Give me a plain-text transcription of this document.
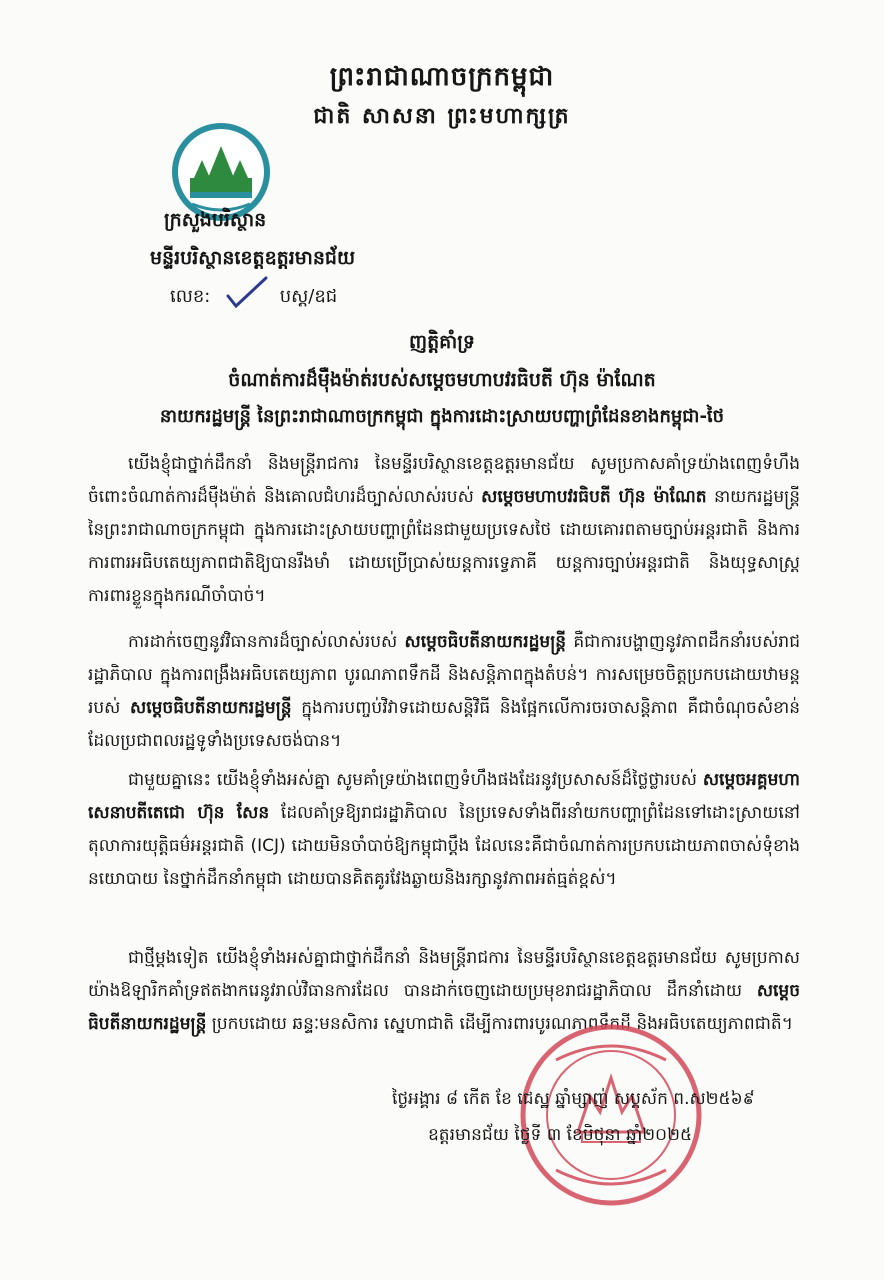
ព្រះរាជាណាចក្រកម្ពុជា
ជាតិ សាសនា ព្រះមហាក្សត្រ
ក្រសួងបរិស្ថាន
មន្ទីរបរិស្ថានខេត្តឧត្តរមានជ័យ
លេខ:	បស្ត/ឧជ
ញត្តិគាំទ្រ
ចំណាត់ការដ៏ម៉ឺងម៉ាត់របស់សម្ដេចមហាបវរធិបតី ហ៊ុន ម៉ាណែត
នាយករដ្ឋមន្ត្រី នៃព្រះរាជាណាចក្រកម្ពុជា ក្នុងការដោះស្រាយបញ្ហាព្រំដែនខាងកម្ពុជា-ថៃ

យើងខ្ញុំជាថ្នាក់ដឹកនាំ និងមន្ត្រីរាជការ នៃមន្ទីរបរិស្ថានខេត្តឧត្តរមានជ័យ សូមប្រកាសគាំទ្រយ៉ាងពេញទំហឹងចំពោះចំណាត់ការដ៏ម៉ឺងម៉ាត់ និងគោលជំហរដ៏ច្បាស់លាស់របស់ សម្ដេចមហាបវរធិបតី ហ៊ុន ម៉ាណែត នាយករដ្ឋមន្ត្រី នៃព្រះរាជាណាចក្រកម្ពុជា ក្នុងការដោះស្រាយបញ្ហាព្រំដែនជាមួយប្រទេសថៃ ដោយគោរពតាមច្បាប់អន្តរជាតិ និងការការពារអធិបតេយ្យភាពជាតិឱ្យបានរឹងមាំ ដោយប្រើប្រាស់យន្តការទ្វេភាគី យន្តការច្បាប់អន្តរជាតិ និងយុទ្ធសាស្ត្រការពារខ្លួនក្នុងករណីចាំបាច់។

ការដាក់ចេញនូវវិធានការដ៏ច្បាស់លាស់របស់ សម្ដេចធិបតីនាយករដ្ឋមន្ត្រី គឺជាការបង្ហាញនូវភាពដឹកនាំរបស់រាជរដ្ឋាភិបាល ក្នុងការពង្រឹងអធិបតេយ្យភាព បូរណភាពទឹកដី និងសន្តិភាពក្នុងតំបន់។ ការសម្រេចចិត្តប្រកបដោយឋាមន្តរបស់ សម្ដេចធិបតីនាយករដ្ឋមន្ត្រី ក្នុងការបញ្ចប់វិវាទដោយសន្តិវិធី និងផ្អែកលើការចរចាសន្តិភាព គឺជាចំណុចសំខាន់ដែលប្រជាពលរដ្ឋទូទាំងប្រទេសចង់បាន។

ជាមួយគ្នានេះ យើងខ្ញុំទាំងអស់គ្នា សូមគាំទ្រយ៉ាងពេញទំហឹងផងដែរនូវប្រសាសន៍ដ៏ថ្លៃថ្លារបស់ សម្ដេចអគ្គមហាសេនាបតីតេជោ ហ៊ុន សែន ដែលគាំទ្រឱ្យរាជរដ្ឋាភិបាល នៃប្រទេសទាំងពីរនាំយកបញ្ហាព្រំដែនទៅដោះស្រាយនៅតុលាការយុត្តិធម៌អន្តរជាតិ (ICJ) ដោយមិនចាំបាច់ឱ្យកម្ពុជាប្ដឹង ដែលនេះគឺជាចំណាត់ការប្រកបដោយភាពចាស់ទុំខាងនយោបាយ នៃថ្នាក់ដឹកនាំកម្ពុជា ដោយបានគិតគូរវែងឆ្ងាយនិងរក្សានូវភាពអត់ធ្មត់ខ្ពស់។

ជាថ្មីម្ដងទៀត យើងខ្ញុំទាំងអស់គ្នាជាថ្នាក់ដឹកនាំ និងមន្ត្រីរាជការ នៃមន្ទីរបរិស្ថានខេត្តឧត្តរមានជ័យ សូមប្រកាសយ៉ាងឱឡារិកគាំទ្រឥតងាករេនូវរាល់វិធានការដែល បានដាក់ចេញដោយប្រមុខរាជរដ្ឋាភិបាល ដឹកនាំដោយ សម្ដេចធិបតីនាយករដ្ឋមន្ត្រី ប្រកបដោយ ឆន្ទៈមនសិការ ស្នេហាជាតិ ដើម្បីការពារបូរណភាពទឹកដី និងអធិបតេយ្យភាពជាតិ។

ថ្ងៃអង្គារ ៨ កើត ខែ ជេស្ឋ ឆ្នាំម្សាញ់ សប្តស័ក ព.ស២៥៦៩
ឧត្តរមានជ័យ ថ្ងៃទី ៣ ខែមិថុនា ឆ្នាំ២០២៥
